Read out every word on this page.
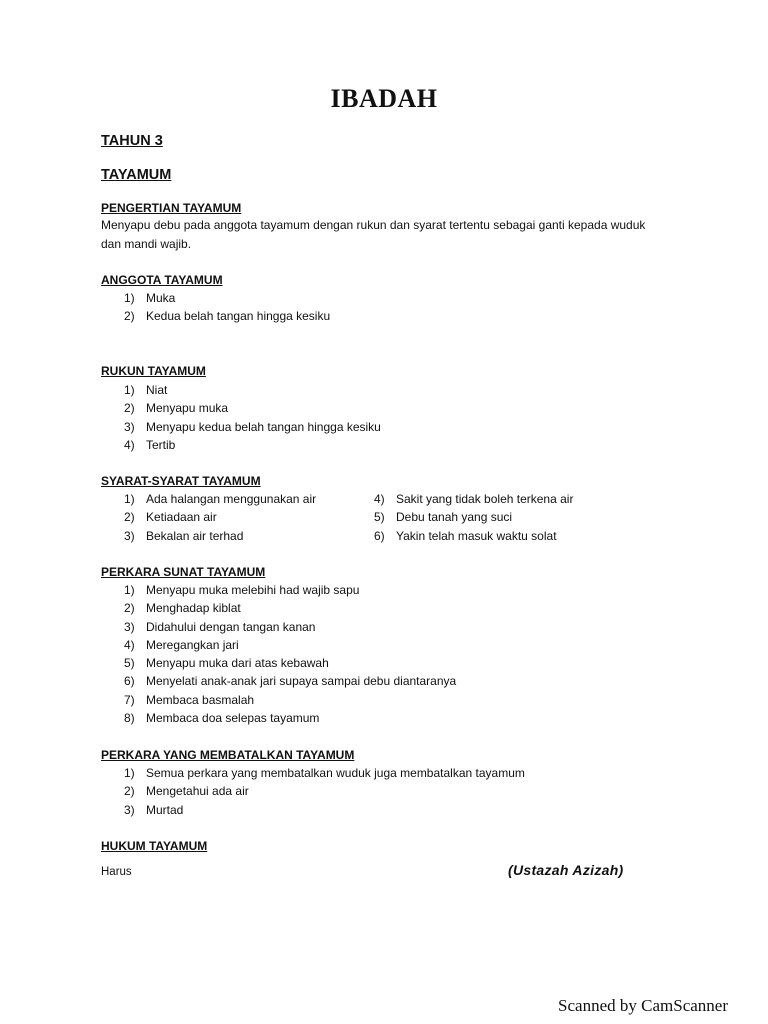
IBADAH
TAHUN 3
TAYAMUM
PENGERTIAN TAYAMUM
Menyapu debu pada anggota tayamum dengan rukun dan syarat tertentu sebagai ganti kepada wuduk dan mandi wajib.
ANGGOTA TAYAMUM
1) Muka
2) Kedua belah tangan hingga kesiku
RUKUN TAYAMUM
1) Niat
2) Menyapu muka
3) Menyapu kedua belah tangan hingga kesiku
4) Tertib
SYARAT-SYARAT TAYAMUM
1) Ada halangan menggunakan air
2) Ketiadaan air
3) Bekalan air terhad
4) Sakit yang tidak boleh terkena air
5) Debu tanah yang suci
6) Yakin telah masuk waktu solat
PERKARA SUNAT TAYAMUM
1) Menyapu muka melebihi had wajib sapu
2) Menghadap kiblat
3) Didahului dengan tangan kanan
4) Meregangkan jari
5) Menyapu muka dari atas kebawah
6) Menyelati anak-anak jari supaya sampai debu diantaranya
7) Membaca basmalah
8) Membaca doa selepas tayamum
PERKARA YANG MEMBATALKAN TAYAMUM
1) Semua perkara yang membatalkan wuduk juga membatalkan tayamum
2) Mengetahui ada air
3) Murtad
HUKUM TAYAMUM
Harus	(Ustazah Azizah)
Scanned by CamScanner
